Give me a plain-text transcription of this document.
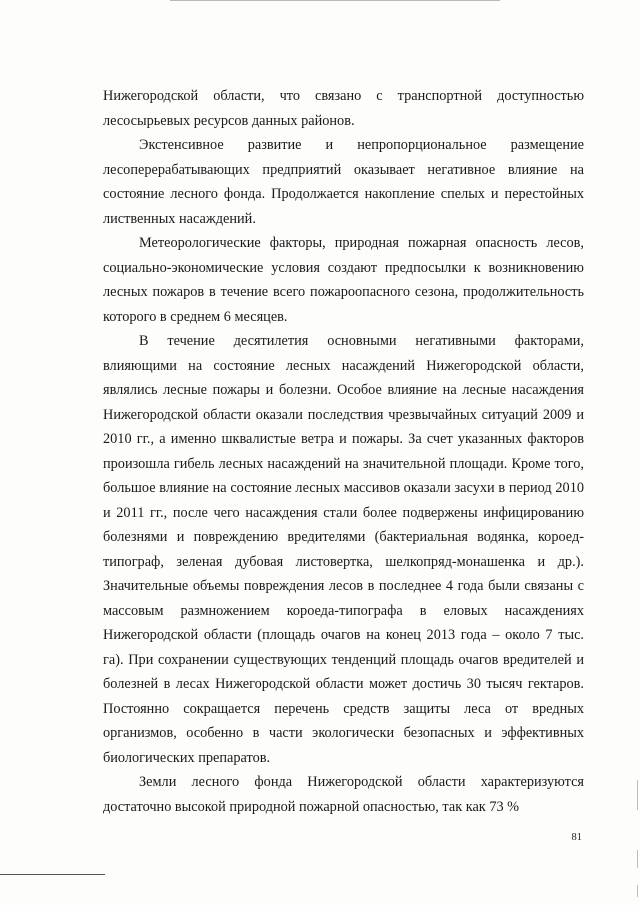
Нижегородской области, что связано с транспортной доступностью лесосырьевых ресурсов данных районов.

Экстенсивное развитие и непропорциональное размещение лесоперерабатывающих предприятий оказывает негативное влияние на состояние лесного фонда. Продолжается накопление спелых и перестойных лиственных насаждений.

Метеорологические факторы, природная пожарная опасность лесов, социально-экономические условия создают предпосылки к возникновению лесных пожаров в течение всего пожароопасного сезона, продолжительность которого в среднем 6 месяцев.

В течение десятилетия основными негативными факторами, влияющими на состояние лесных насаждений Нижегородской области, являлись лесные пожары и болезни. Особое влияние на лесные насаждения Нижегородской области оказали последствия чрезвычайных ситуаций 2009 и 2010 гг., а именно шквалистые ветра и пожары. За счет указанных факторов произошла гибель лесных насаждений на значительной площади. Кроме того, большое влияние на состояние лесных массивов оказали засухи в период 2010 и 2011 гг., после чего насаждения стали более подвержены инфицированию болезнями и повреждению вредителями (бактериальная водянка, короед-типограф, зеленая дубовая листовертка, шелкопряд-монашенка и др.). Значительные объемы повреждения лесов в последнее 4 года были связаны с массовым размножением короеда-типографа в еловых насаждениях Нижегородской области (площадь очагов на конец 2013 года – около 7 тыс. га). При сохранении существующих тенденций площадь очагов вредителей и болезней в лесах Нижегородской области может достичь 30 тысяч гектаров. Постоянно сокращается перечень средств защиты леса от вредных организмов, особенно в части экологически безопасных и эффективных биологических препаратов.

Земли лесного фонда Нижегородской области характеризуются достаточно высокой природной пожарной опасностью, так как 73 %

81
